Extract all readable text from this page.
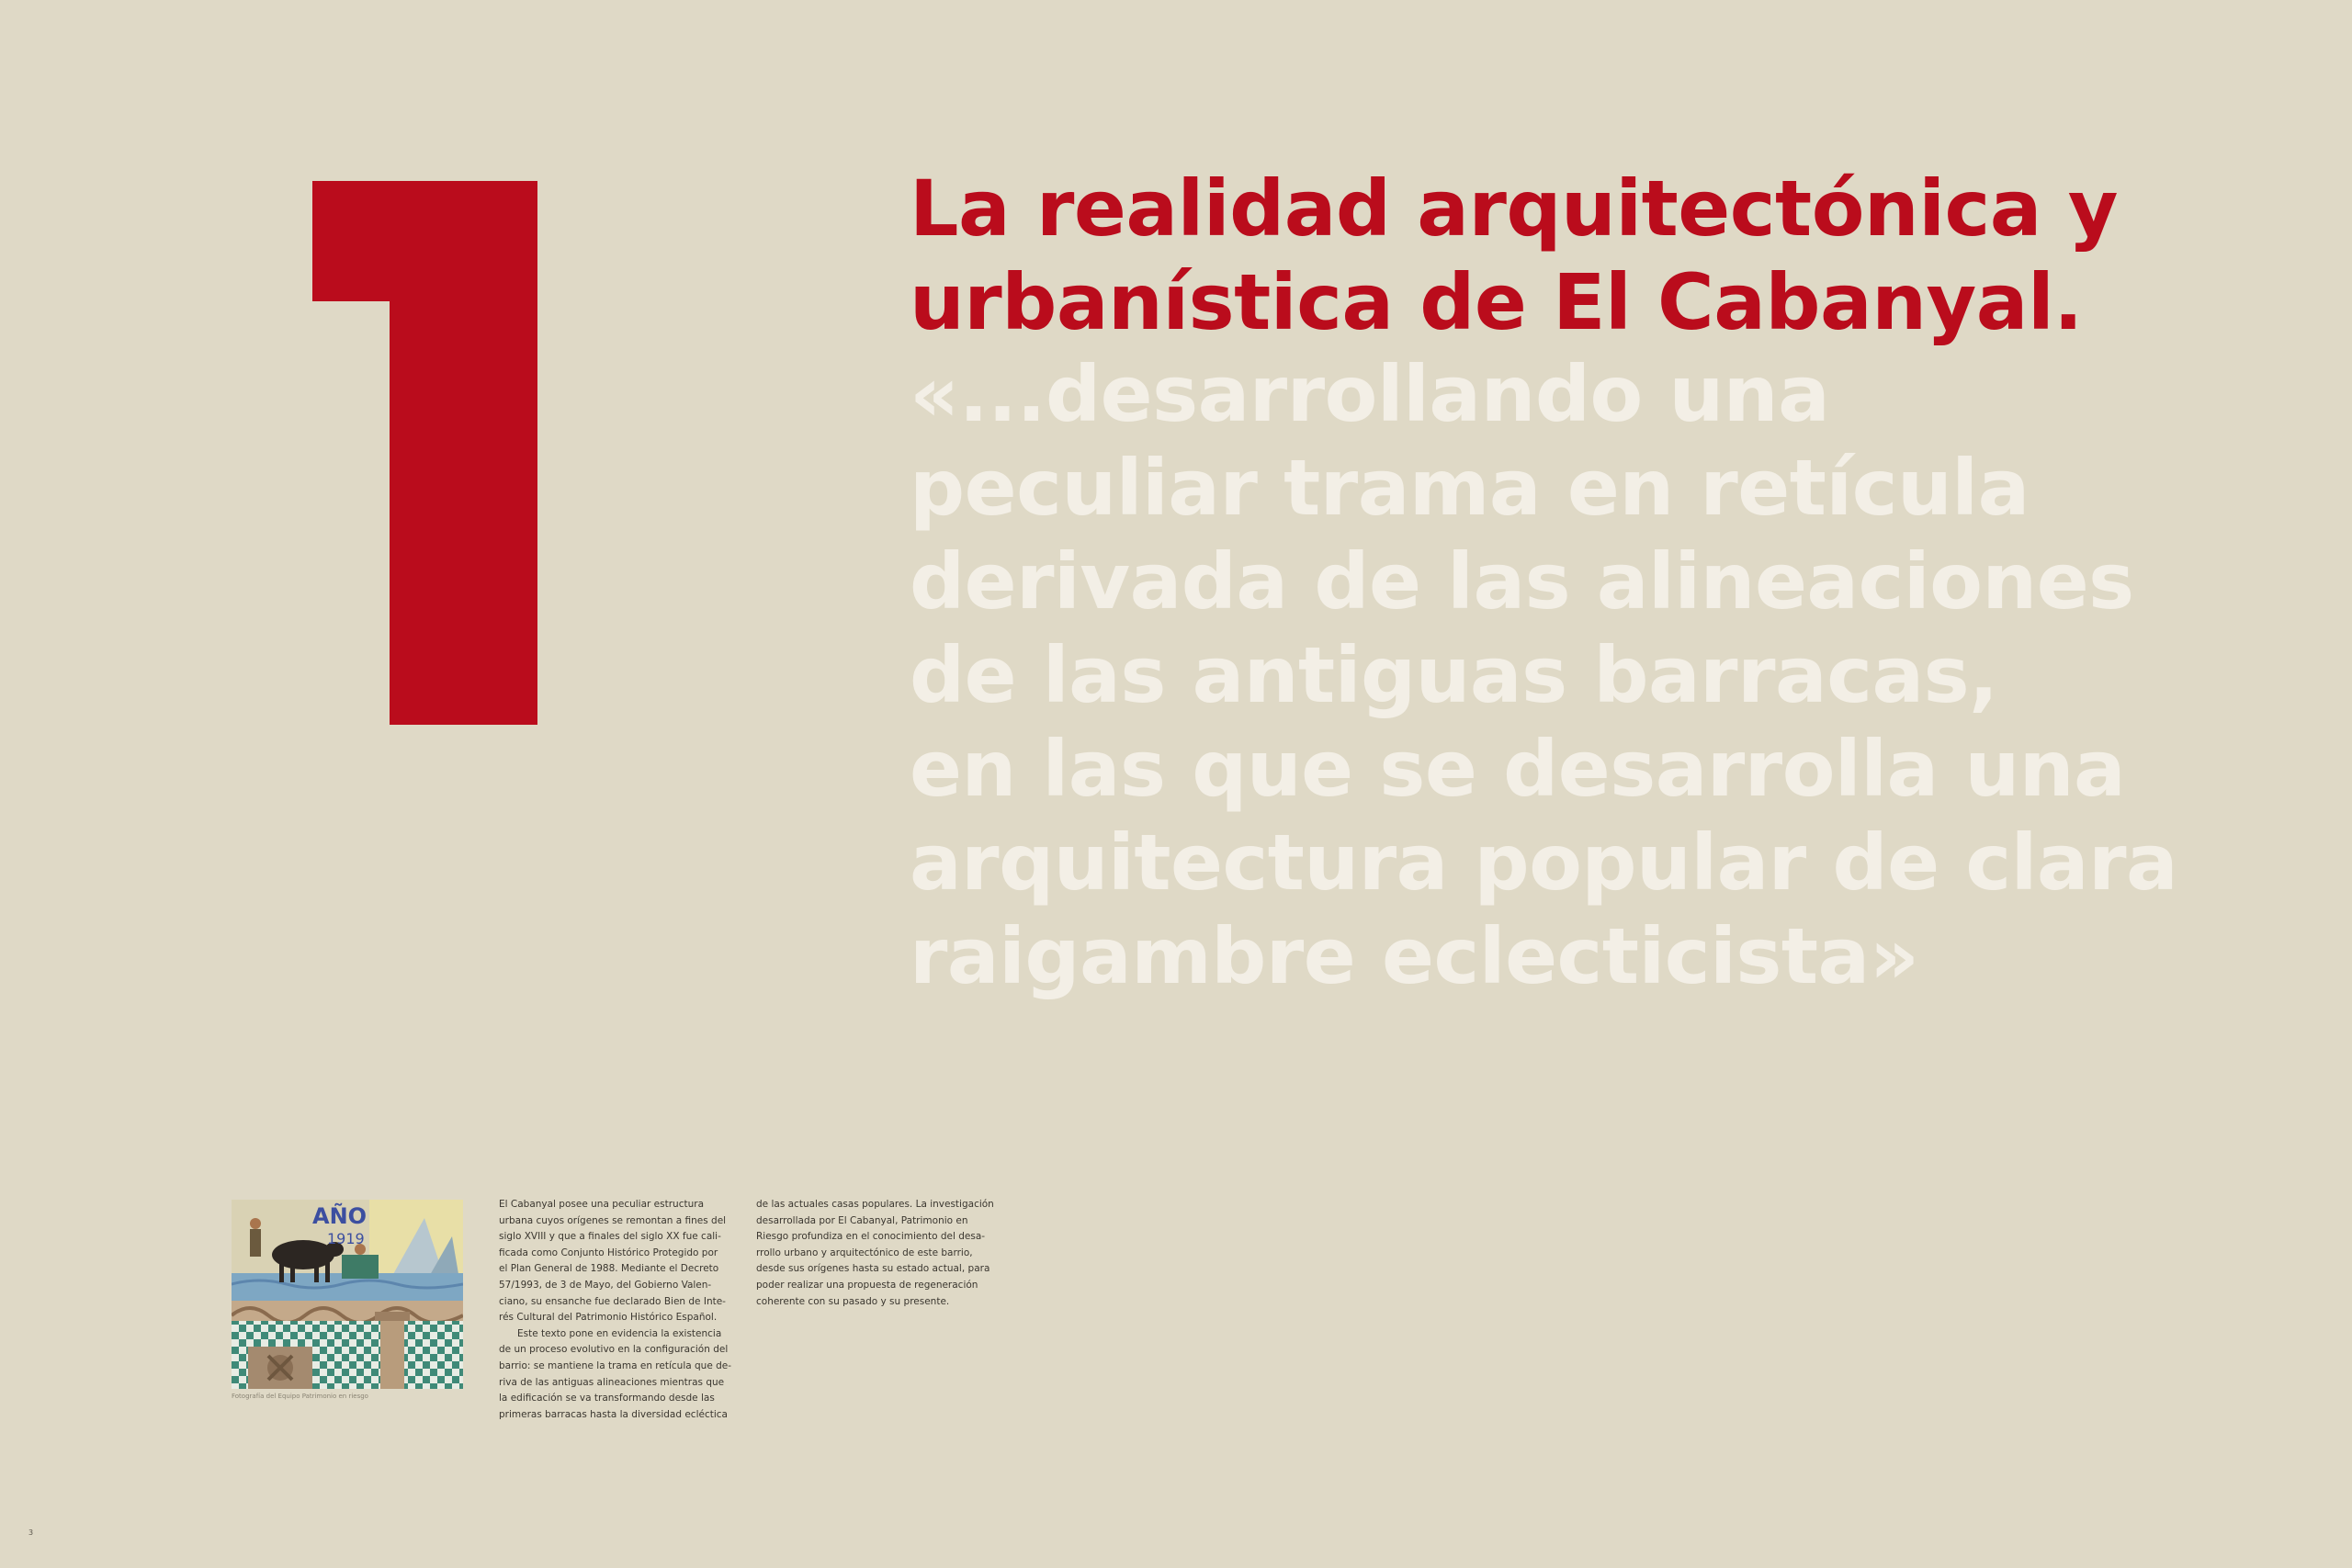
La realidad arquitectónica y
urbanística de El Cabanyal.
«...desarrollando una
peculiar trama en retícula
derivada de las alineaciones
de las antiguas barracas,
en las que se desarrolla una
arquitectura popular de clara
raigambre eclecticista»
AÑO
1919
Fotografía del Equipo Patrimonio en riesgo
El Cabanyal posee una peculiar estructura
urbana cuyos orígenes se remontan a fines del
siglo XVIII y que a finales del siglo XX fue cali-
ficada como Conjunto Histórico Protegido por
el Plan General de 1988. Mediante el Decreto
57/1993, de 3 de Mayo, del Gobierno Valen-
ciano, su ensanche fue declarado Bien de Inte-
rés Cultural del Patrimonio Histórico Español.
Este texto pone en evidencia la existencia
de un proceso evolutivo en la configuración del
barrio: se mantiene la trama en retícula que de-
riva de las antiguas alineaciones mientras que
la edificación se va transformando desde las
primeras barracas hasta la diversidad ecléctica
de las actuales casas populares. La investigación
desarrollada por El Cabanyal, Patrimonio en
Riesgo profundiza en el conocimiento del desa-
rrollo urbano y arquitectónico de este barrio,
desde sus orígenes hasta su estado actual, para
poder realizar una propuesta de regeneración
coherente con su pasado y su presente.
3
